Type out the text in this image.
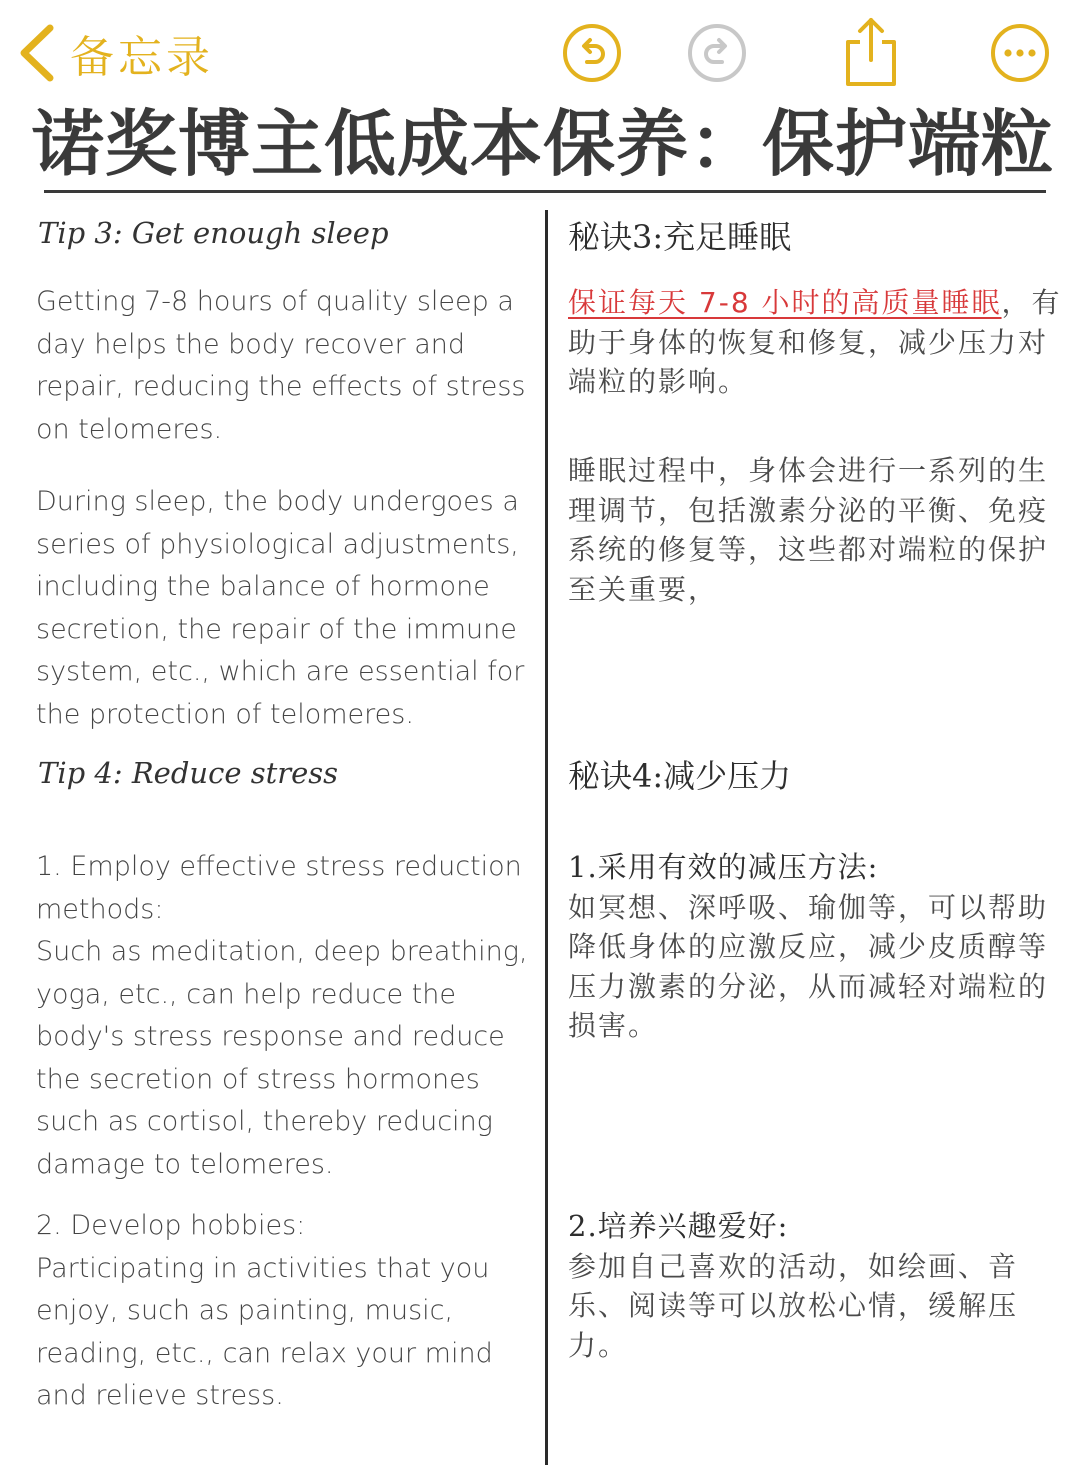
备忘录
诺奖博主低成本保养：保护端粒
Tip 3: Get enough sleep

Getting 7-8 hours of quality sleep a day helps the body recover and repair, reducing the effects of stress on telomeres.

During sleep, the body undergoes a series of physiological adjustments, including the balance of hormone secretion, the repair of the immune system, etc., which are essential for the protection of telomeres.

Tip 4: Reduce stress

1. Employ effective stress reduction methods:

Such as meditation, deep breathing, yoga, etc., can help reduce the body's stress response and reduce the secretion of stress hormones such as cortisol, thereby reducing damage to telomeres.

2. Develop hobbies:

Participating in activities that you enjoy, such as painting, music, reading, etc., can relax your mind and relieve stress.

秘诀3:充足睡眠

保证每天 7-8 小时的高质量睡眠，有助于身体的恢复和修复，减少压力对端粒的影响。

睡眠过程中，身体会进行一系列的生理调节，包括激素分泌的平衡、免疫系统的修复等，这些都对端粒的保护至关重要，

秘诀4:减少压力
1.采用有效的减压方法:

如冥想、深呼吸、瑜伽等，可以帮助降低身体的应激反应，减少皮质醇等压力激素的分泌，从而减轻对端粒的损害。

2.培养兴趣爱好:

参加自己喜欢的活动，如绘画、音乐、阅读等可以放松心情，缓解压力。
